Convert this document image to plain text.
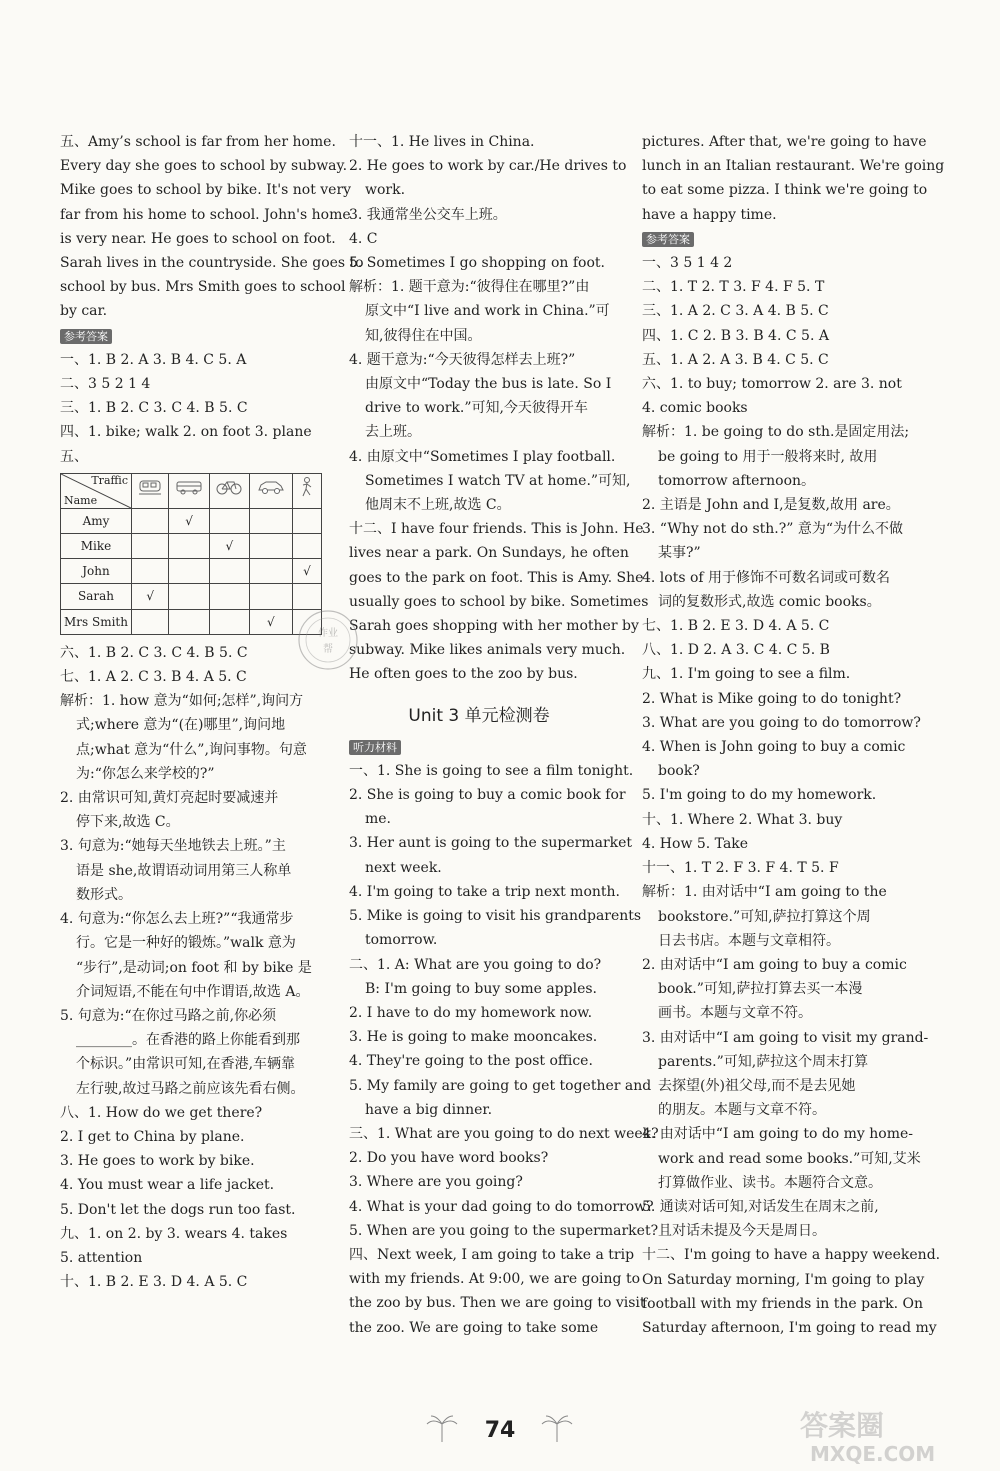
五、Amy’s school is far from her home.
Every day she goes to school by subway.
Mike goes to school by bike. It's not very
far from his home to school. John's home
is very near. He goes to school on foot.
Sarah lives in the countryside. She goes to
school by bus. Mrs Smith goes to school
by car.
参考答案
一、1. B 2. A 3. B 4. C 5. A
二、3 5 2 1 4
三、1. B 2. C 3. C 4. B 5. C
四、1. bike; walk 2. on foot 3. plane
五、
Traffic
Name

Amy		√			
Mike			√		
John					√
Sarah	√				
Mrs Smith				√	
六、1. B 2. C 3. C 4. B 5. C
七、1. A 2. C 3. B 4. A 5. C
解析：1. how 意为“如何;怎样”,询问方
式;where 意为“(在)哪里”,询问地
点;what 意为“什么”,询问事物。句意
为:“你怎么来学校的?”
2. 由常识可知,黄灯亮起时要减速并
停下来,故选 C。
3. 句意为:“她每天坐地铁去上班。”主
语是 she,故谓语动词用第三人称单
数形式。
4. 句意为:“你怎么去上班?”“我通常步
行。它是一种好的锻炼。”walk 意为
“步行”,是动词;on foot 和 by bike 是
介词短语,不能在句中作谓语,故选 A。
5. 句意为:“在你过马路之前,你必须
________。在香港的路上你能看到那
个标识。”由常识可知,在香港,车辆靠
左行驶,故过马路之前应该先看右侧。
八、1. How do we get there?
2. I get to China by plane.
3. He goes to work by bike.
4. You must wear a life jacket.
5. Don't let the dogs run too fast.
九、1. on 2. by 3. wears 4. takes
5. attention
十、1. B 2. E 3. D 4. A 5. C
十一、1. He lives in China.
2. He goes to work by car./He drives to
work.
3. 我通常坐公交车上班。
4. C
5. Sometimes I go shopping on foot.
解析：1. 题干意为:“彼得住在哪里?”由
原文中“I live and work in China.”可
知,彼得住在中国。
4. 题干意为:“今天彼得怎样去上班?”
由原文中“Today the bus is late. So I
drive to work.”可知,今天彼得开车
去上班。
4. 由原文中“Sometimes I play football.
Sometimes I watch TV at home.”可知,
他周末不上班,故选 C。
十二、I have four friends. This is John. He
lives near a park. On Sundays, he often
goes to the park on foot. This is Amy. She
usually goes to school by bike. Sometimes
Sarah goes shopping with her mother by
subway. Mike likes animals very much.
He often goes to the zoo by bus.
Unit 3 单元检测卷
听力材料
一、1. She is going to see a film tonight.
2. She is going to buy a comic book for
me.
3. Her aunt is going to the supermarket
next week.
4. I'm going to take a trip next month.
5. Mike is going to visit his grandparents
tomorrow.
二、1. A: What are you going to do?
B: I'm going to buy some apples.
2. I have to do my homework now.
3. He is going to make mooncakes.
4. They're going to the post office.
5. My family are going to get together and
have a big dinner.
三、1. What are you going to do next week?
2. Do you have word books?
3. Where are you going?
4. What is your dad going to do tomorrow?
5. When are you going to the supermarket?
四、Next week, I am going to take a trip
with my friends. At 9:00, we are going to
the zoo by bus. Then we are going to visit
the zoo. We are going to take some
pictures. After that, we're going to have
lunch in an Italian restaurant. We're going
to eat some pizza. I think we're going to
have a happy time.
参考答案
一、3 5 1 4 2
二、1. T 2. T 3. F 4. F 5. T
三、1. A 2. C 3. A 4. B 5. C
四、1. C 2. B 3. B 4. C 5. A
五、1. A 2. A 3. B 4. C 5. C
六、1. to buy; tomorrow 2. are 3. not
4. comic books
解析：1. be going to do sth.是固定用法;
be going to 用于一般将来时, 故用
tomorrow afternoon。
2. 主语是 John and I,是复数,故用 are。
3. “Why not do sth.?” 意为“为什么不做
某事?”
4. lots of 用于修饰不可数名词或可数名
词的复数形式,故选 comic books。
七、1. B 2. E 3. D 4. A 5. C
八、1. D 2. A 3. C 4. C 5. B
九、1. I'm going to see a film.
2. What is Mike going to do tonight?
3. What are you going to do tomorrow?
4. When is John going to buy a comic
book?
5. I'm going to do my homework.
十、1. Where 2. What 3. buy
4. How 5. Take
十一、1. T 2. F 3. F 4. T 5. F
解析：1. 由对话中“I am going to the
bookstore.”可知,萨拉打算这个周
日去书店。本题与文章相符。
2. 由对话中“I am going to buy a comic
book.”可知,萨拉打算去买一本漫
画书。本题与文章不符。
3. 由对话中“I am going to visit my grand-
parents.”可知,萨拉这个周末打算
去探望(外)祖父母,而不是去见她
的朋友。本题与文章不符。
4. 由对话中“I am going to do my home-
work and read some books.”可知,艾米
打算做作业、读书。本题符合文意。
5. 通读对话可知,对话发生在周末之前,
且对话未提及今天是周日。
十二、I'm going to have a happy weekend.
On Saturday morning, I'm going to play
football with my friends in the park. On
Saturday afternoon, I'm going to read my
作业
帮
74	答案圈
MXQE.COM
